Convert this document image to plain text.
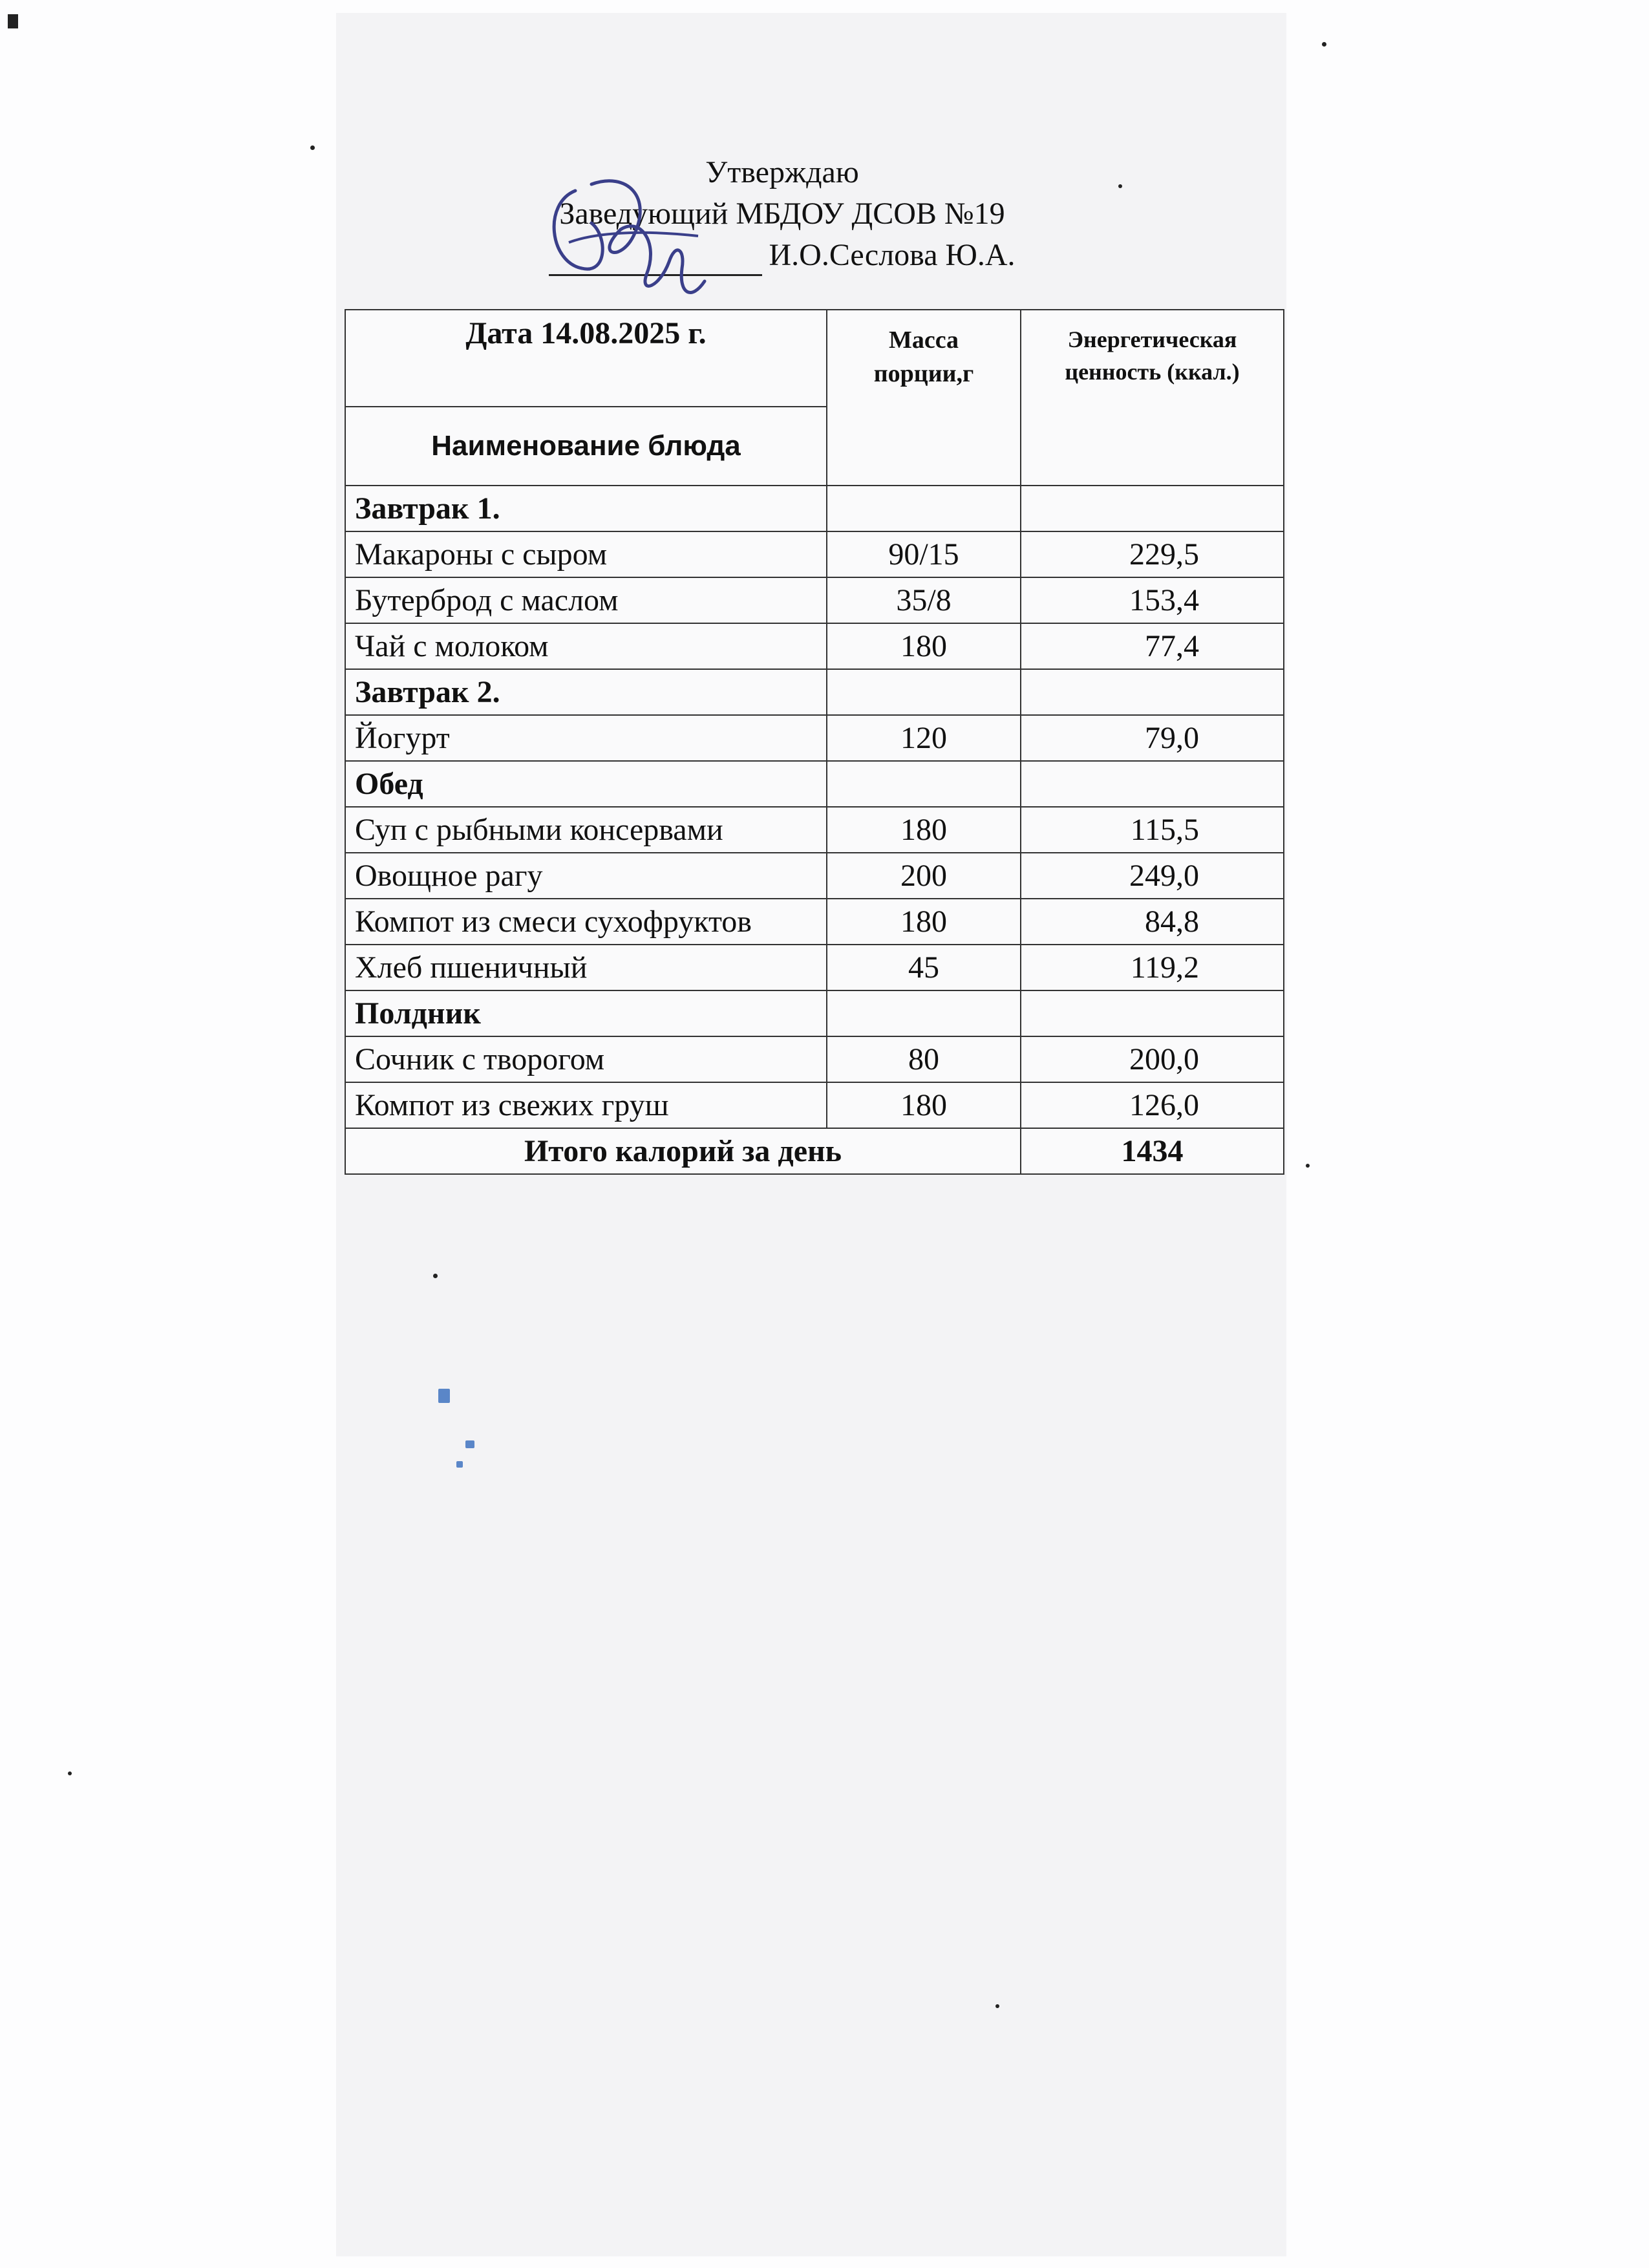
Утверждаю
Заведующий МБДОУ ДСОВ №19
И.О.Сеслова Ю.А.
Дата 14.08.2025 г.	Масса порции,г	Энергетическая ценность (ккал.)
Наименование блюда		
Завтрак 1.		
Макароны с сыром	90/15	229,5
Бутерброд с маслом	35/8	153,4
Чай с молоком	180	77,4
Завтрак 2.		
Йогурт	120	79,0
Обед		
Суп с рыбными консервами	180	115,5
Овощное рагу	200	249,0
Компот из смеси сухофруктов	180	84,8
Хлеб пшеничный	45	119,2
Полдник		
Сочник с творогом	80	200,0
Компот из свежих груш	180	126,0
Итого калорий за день		1434
